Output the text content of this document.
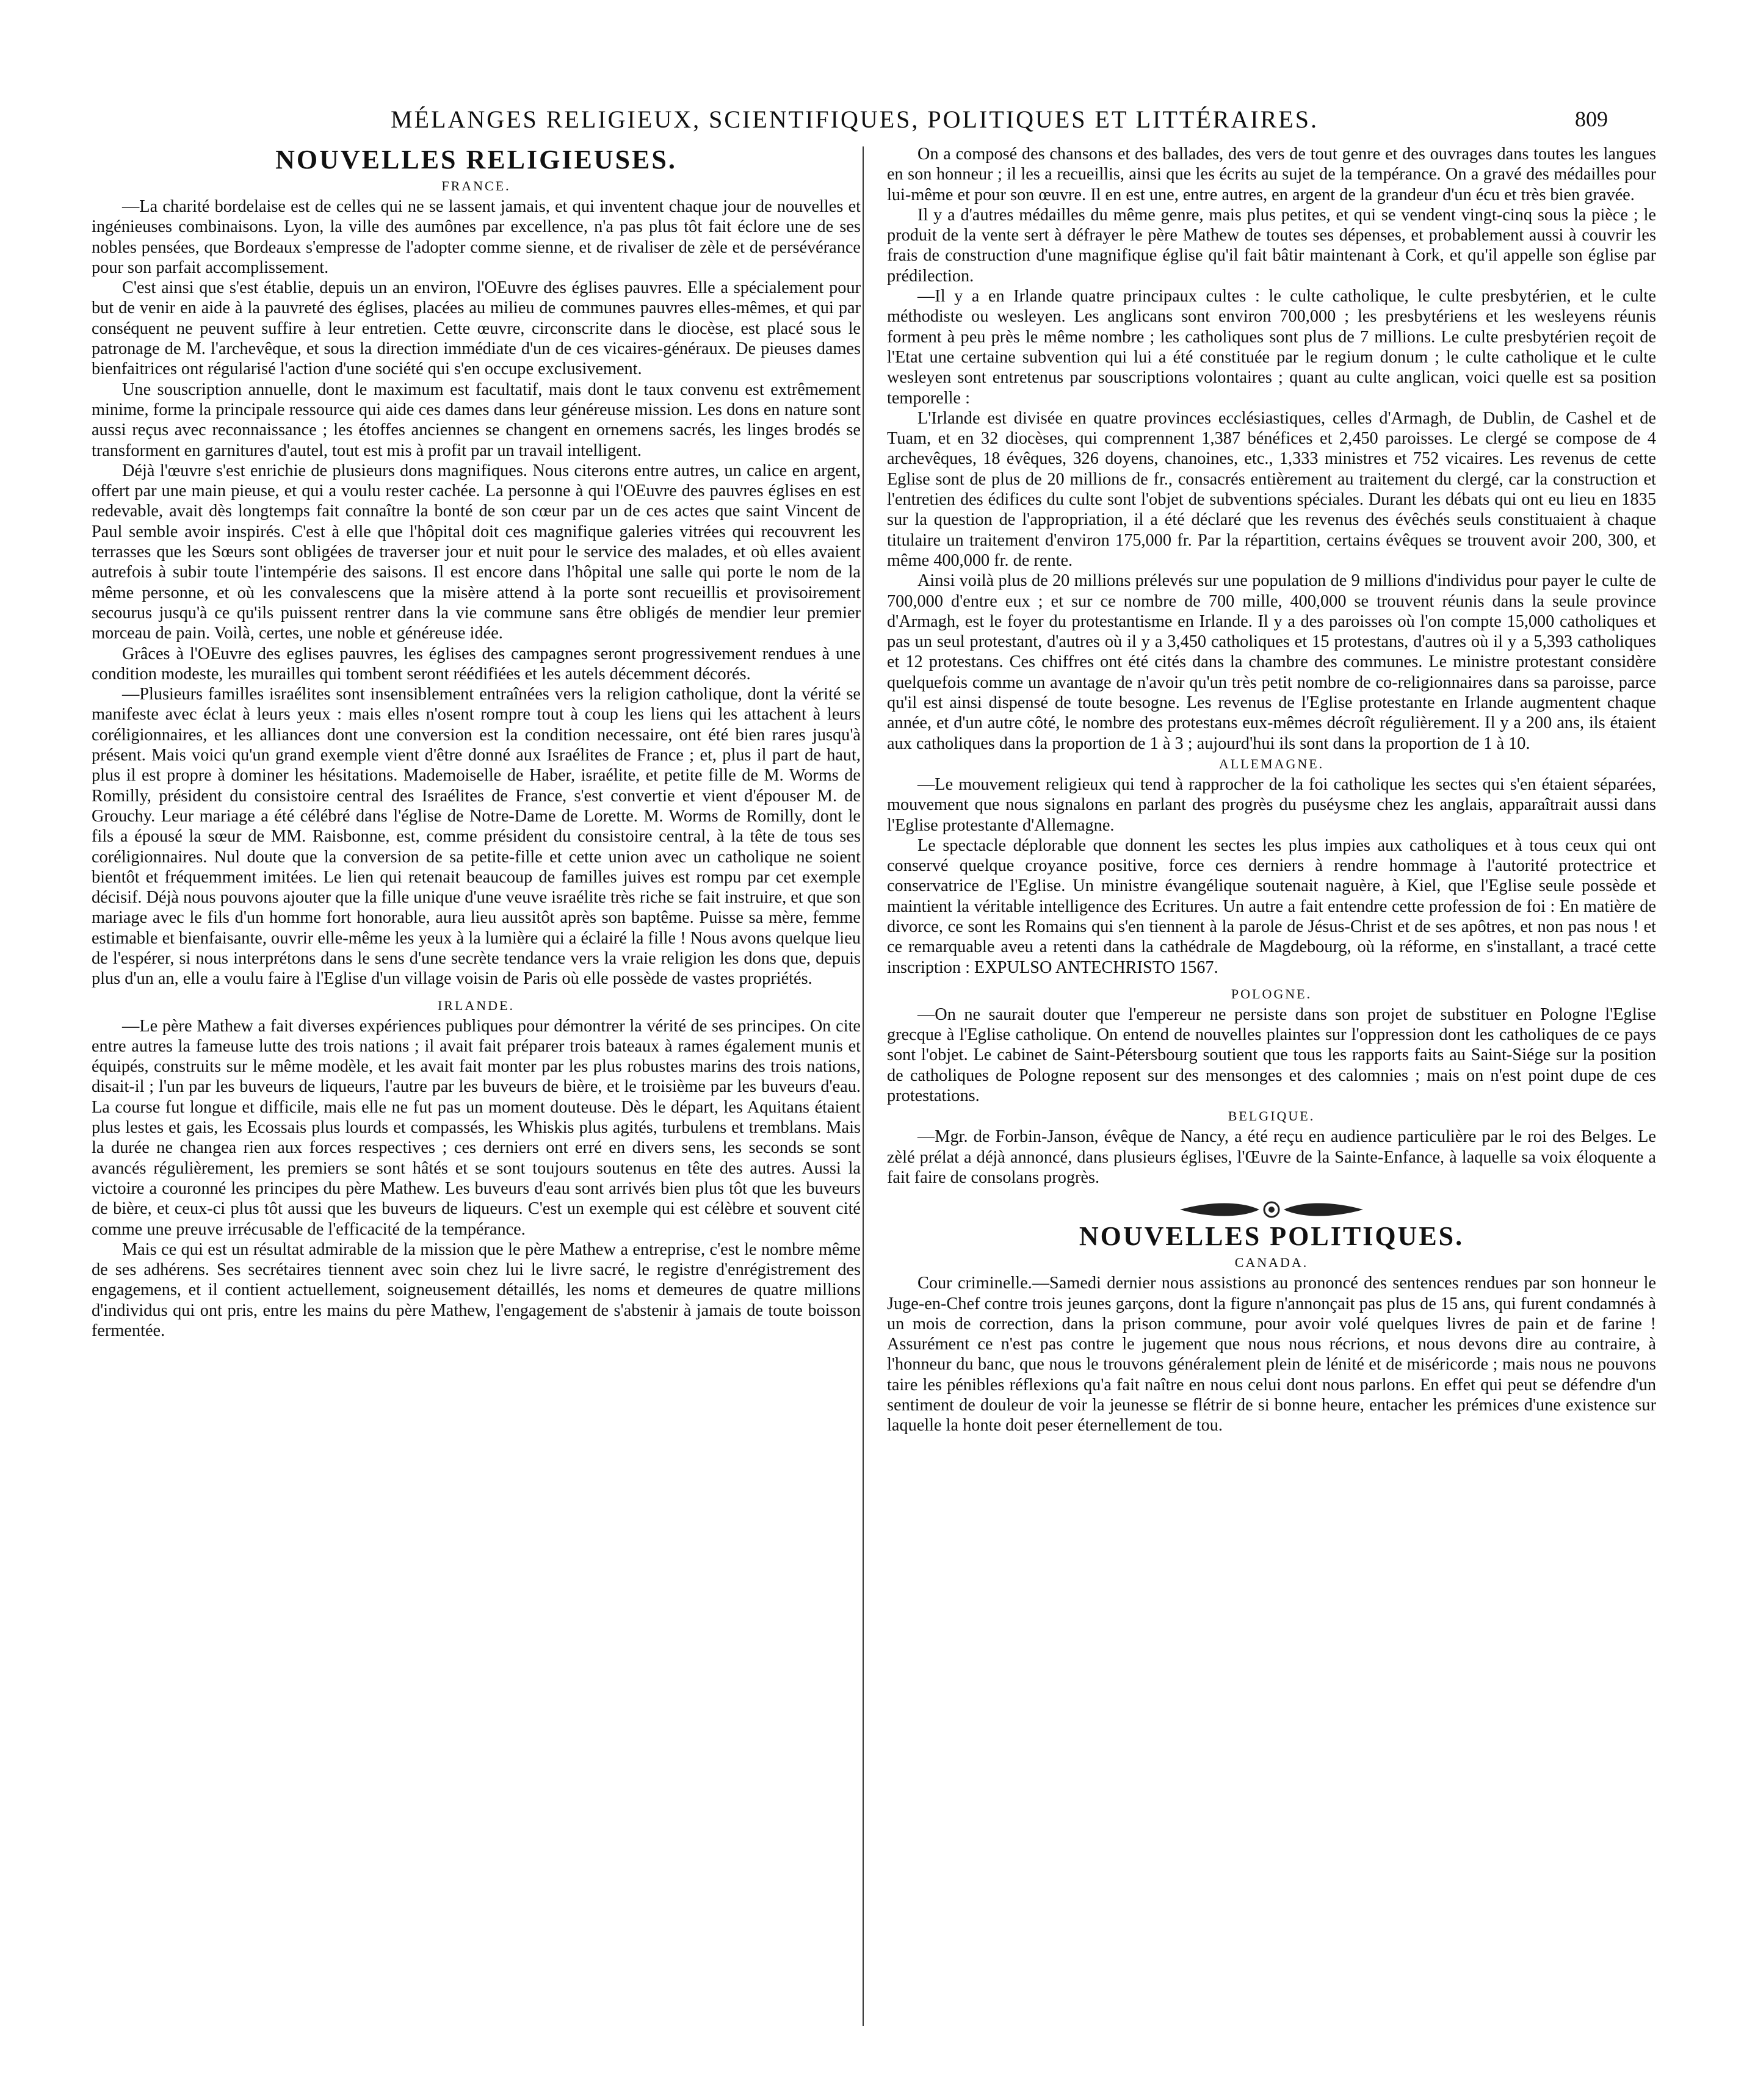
MÉLANGES RELIGIEUX, SCIENTIFIQUES, POLITIQUES ET LITTÉRAIRES.	809
NOUVELLES RELIGIEUSES.
FRANCE.

—La charité bordelaise est de celles qui ne se lassent jamais, et qui inventent chaque jour de nouvelles et ingénieuses combinaisons. Lyon, la ville des aumônes par excellence, n'a pas plus tôt fait éclore une de ses nobles pensées, que Bordeaux s'empresse de l'adopter comme sienne, et de rivaliser de zèle et de persévérance pour son parfait accomplissement.

C'est ainsi que s'est établie, depuis un an environ, l'OEuvre des églises pauvres. Elle a spécialement pour but de venir en aide à la pauvreté des églises, placées au milieu de communes pauvres elles-mêmes, et qui par conséquent ne peuvent suffire à leur entretien. Cette œuvre, circonscrite dans le diocèse, est placé sous le patronage de M. l'archevêque, et sous la direction immédiate d'un de ces vicaires-généraux. De pieuses dames bienfaitrices ont régularisé l'action d'une société qui s'en occupe exclusivement.

Une souscription annuelle, dont le maximum est facultatif, mais dont le taux convenu est extrêmement minime, forme la principale ressource qui aide ces dames dans leur généreuse mission. Les dons en nature sont aussi reçus avec reconnaissance ; les étoffes anciennes se changent en ornemens sacrés, les linges brodés se transforment en garnitures d'autel, tout est mis à profit par un travail intelligent.

Déjà l'œuvre s'est enrichie de plusieurs dons magnifiques. Nous citerons entre autres, un calice en argent, offert par une main pieuse, et qui a voulu rester cachée. La personne à qui l'OEuvre des pauvres églises en est redevable, avait dès longtemps fait connaître la bonté de son cœur par un de ces actes que saint Vincent de Paul semble avoir inspirés. C'est à elle que l'hôpital doit ces magnifique galeries vitrées qui recouvrent les terrasses que les Sœurs sont obligées de traverser jour et nuit pour le service des malades, et où elles avaient autrefois à subir toute l'intempérie des saisons. Il est encore dans l'hôpital une salle qui porte le nom de la même personne, et où les convalescens que la misère attend à la porte sont recueillis et provisoirement secourus jusqu'à ce qu'ils puissent rentrer dans la vie commune sans être obligés de mendier leur premier morceau de pain. Voilà, certes, une noble et généreuse idée.

Grâces à l'OEuvre des eglises pauvres, les églises des campagnes seront progressivement rendues à une condition modeste, les murailles qui tombent seront réédifiées et les autels décemment décorés.

—Plusieurs familles israélites sont insensiblement entraînées vers la religion catholique, dont la vérité se manifeste avec éclat à leurs yeux : mais elles n'osent rompre tout à coup les liens qui les attachent à leurs coréligionnaires, et les alliances dont une conversion est la condition necessaire, ont été bien rares jusqu'à présent. Mais voici qu'un grand exemple vient d'être donné aux Israélites de France ; et, plus il part de haut, plus il est propre à dominer les hésitations. Mademoiselle de Haber, israélite, et petite fille de M. Worms de Romilly, président du consistoire central des Israélites de France, s'est convertie et vient d'épouser M. de Grouchy. Leur mariage a été célébré dans l'église de Notre-Dame de Lorette. M. Worms de Romilly, dont le fils a épousé la sœur de MM. Raisbonne, est, comme président du consistoire central, à la tête de tous ses coréligionnaires. Nul doute que la conversion de sa petite-fille et cette union avec un catholique ne soient bientôt et fréquemment imitées. Le lien qui retenait beaucoup de familles juives est rompu par cet exemple décisif. Déjà nous pouvons ajouter que la fille unique d'une veuve israélite très riche se fait instruire, et que son mariage avec le fils d'un homme fort honorable, aura lieu aussitôt après son baptême. Puisse sa mère, femme estimable et bienfaisante, ouvrir elle-même les yeux à la lumière qui a éclairé la fille ! Nous avons quelque lieu de l'espérer, si nous interprétons dans le sens d'une secrète tendance vers la vraie religion les dons que, depuis plus d'un an, elle a voulu faire à l'Eglise d'un village voisin de Paris où elle possède de vastes propriétés.

IRLANDE.

—Le père Mathew a fait diverses expériences publiques pour démontrer la vérité de ses principes. On cite entre autres la fameuse lutte des trois nations ; il avait fait préparer trois bateaux à rames également munis et équipés, construits sur le même modèle, et les avait fait monter par les plus robustes marins des trois nations, disait-il ; l'un par les buveurs de liqueurs, l'autre par les buveurs de bière, et le troisième par les buveurs d'eau. La course fut longue et difficile, mais elle ne fut pas un moment douteuse. Dès le départ, les Aquitans étaient plus lestes et gais, les Ecossais plus lourds et compassés, les Whiskis plus agités, turbulens et tremblans. Mais la durée ne changea rien aux forces respectives ; ces derniers ont erré en divers sens, les seconds se sont avancés régulièrement, les premiers se sont hâtés et se sont toujours soutenus en tête des autres. Aussi la victoire a couronné les principes du père Mathew. Les buveurs d'eau sont arrivés bien plus tôt que les buveurs de bière, et ceux-ci plus tôt aussi que les buveurs de liqueurs. C'est un exemple qui est célèbre et souvent cité comme une preuve irrécusable de l'efficacité de la tempérance.

Mais ce qui est un résultat admirable de la mission que le père Mathew a entreprise, c'est le nombre même de ses adhérens. Ses secrétaires tiennent avec soin chez lui le livre sacré, le registre d'enrégistrement des engagemens, et il contient actuellement, soigneusement détaillés, les noms et demeures de quatre millions d'individus qui ont pris, entre les mains du père Mathew, l'engagement de s'abstenir à jamais de toute boisson fermentée.

On a composé des chansons et des ballades, des vers de tout genre et des ouvrages dans toutes les langues en son honneur ; il les a recueillis, ainsi que les écrits au sujet de la tempérance. On a gravé des médailles pour lui-même et pour son œuvre. Il en est une, entre autres, en argent de la grandeur d'un écu et très bien gravée.

Il y a d'autres médailles du même genre, mais plus petites, et qui se vendent vingt-cinq sous la pièce ; le produit de la vente sert à défrayer le père Mathew de toutes ses dépenses, et probablement aussi à couvrir les frais de construction d'une magnifique église qu'il fait bâtir maintenant à Cork, et qu'il appelle son église par prédilection.

—Il y a en Irlande quatre principaux cultes : le culte catholique, le culte presbytérien, et le culte méthodiste ou wesleyen. Les anglicans sont environ 700,000 ; les presbytériens et les wesleyens réunis forment à peu près le même nombre ; les catholiques sont plus de 7 millions. Le culte presbytérien reçoit de l'Etat une certaine subvention qui lui a été constituée par le regium donum ; le culte catholique et le culte wesleyen sont entretenus par souscriptions volontaires ; quant au culte anglican, voici quelle est sa position temporelle :

L'Irlande est divisée en quatre provinces ecclésiastiques, celles d'Armagh, de Dublin, de Cashel et de Tuam, et en 32 diocèses, qui comprennent 1,387 bénéfices et 2,450 paroisses. Le clergé se compose de 4 archevêques, 18 évêques, 326 doyens, chanoines, etc., 1,333 ministres et 752 vicaires. Les revenus de cette Eglise sont de plus de 20 millions de fr., consacrés entièrement au traitement du clergé, car la construction et l'entretien des édifices du culte sont l'objet de subventions spéciales. Durant les débats qui ont eu lieu en 1835 sur la question de l'appropriation, il a été déclaré que les revenus des évêchés seuls constituaient à chaque titulaire un traitement d'environ 175,000 fr. Par la répartition, certains évêques se trouvent avoir 200, 300, et même 400,000 fr. de rente.

Ainsi voilà plus de 20 millions prélevés sur une population de 9 millions d'individus pour payer le culte de 700,000 d'entre eux ; et sur ce nombre de 700 mille, 400,000 se trouvent réunis dans la seule province d'Armagh, est le foyer du protestantisme en Irlande. Il y a des paroisses où l'on compte 15,000 catholiques et pas un seul protestant, d'autres où il y a 3,450 catholiques et 15 protestans, d'autres où il y a 5,393 catholiques et 12 protestans. Ces chiffres ont été cités dans la chambre des communes. Le ministre protestant considère quelquefois comme un avantage de n'avoir qu'un très petit nombre de co-religionnaires dans sa paroisse, parce qu'il est ainsi dispensé de toute besogne. Les revenus de l'Eglise protestante en Irlande augmentent chaque année, et d'un autre côté, le nombre des protestans eux-mêmes décroît régulièrement. Il y a 200 ans, ils étaient aux catholiques dans la proportion de 1 à 3 ; aujourd'hui ils sont dans la proportion de 1 à 10.

ALLEMAGNE.

—Le mouvement religieux qui tend à rapprocher de la foi catholique les sectes qui s'en étaient séparées, mouvement que nous signalons en parlant des progrès du puséysme chez les anglais, apparaîtrait aussi dans l'Eglise protestante d'Allemagne.

Le spectacle déplorable que donnent les sectes les plus impies aux catholiques et à tous ceux qui ont conservé quelque croyance positive, force ces derniers à rendre hommage à l'autorité protectrice et conservatrice de l'Eglise. Un ministre évangélique soutenait naguère, à Kiel, que l'Eglise seule possède et maintient la véritable intelligence des Ecritures. Un autre a fait entendre cette profession de foi : En matière de divorce, ce sont les Romains qui s'en tiennent à la parole de Jésus-Christ et de ses apôtres, et non pas nous ! et ce remarquable aveu a retenti dans la cathédrale de Magdebourg, où la réforme, en s'installant, a tracé cette inscription : EXPULSO ANTECHRISTO 1567.

POLOGNE.

—On ne saurait douter que l'empereur ne persiste dans son projet de substituer en Pologne l'Eglise grecque à l'Eglise catholique. On entend de nouvelles plaintes sur l'oppression dont les catholiques de ce pays sont l'objet. Le cabinet de Saint-Pétersbourg soutient que tous les rapports faits au Saint-Siége sur la position de catholiques de Pologne reposent sur des mensonges et des calomnies ; mais on n'est point dupe de ces protestations.

BELGIQUE.

—Mgr. de Forbin-Janson, évêque de Nancy, a été reçu en audience particulière par le roi des Belges. Le zèlé prélat a déjà annoncé, dans plusieurs églises, l'Œuvre de la Sainte-Enfance, à laquelle sa voix éloquente a fait faire de consolans progrès.

NOUVELLES POLITIQUES.
CANADA.

Cour criminelle.—Samedi dernier nous assistions au prononcé des sentences rendues par son honneur le Juge-en-Chef contre trois jeunes garçons, dont la figure n'annonçait pas plus de 15 ans, qui furent condamnés à un mois de correction, dans la prison commune, pour avoir volé quelques livres de pain et de farine ! Assurément ce n'est pas contre le jugement que nous nous récrions, et nous devons dire au contraire, à l'honneur du banc, que nous le trouvons généralement plein de lénité et de miséricorde ; mais nous ne pouvons taire les pénibles réflexions qu'a fait naître en nous celui dont nous parlons. En effet qui peut se défendre d'un sentiment de douleur de voir la jeunesse se flétrir de si bonne heure, entacher les prémices d'une existence sur laquelle la honte doit peser éternellement de tou.
